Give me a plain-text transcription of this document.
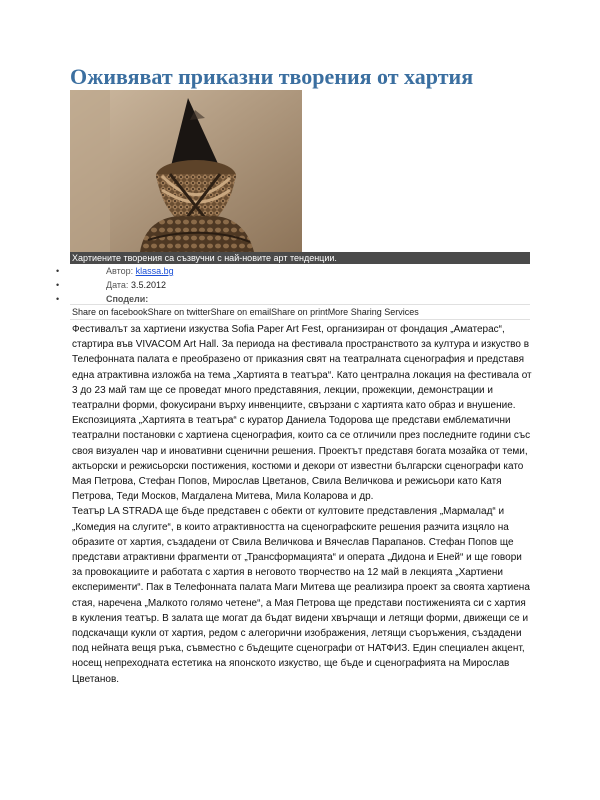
Оживяват приказни творения от хартия
Хартиените творения са съзвучни с най-новите арт тенденции.
•	Автор: klassa.bg
•	Дата: 3.5.2012
•	Сподели:
Share on facebookShare on twitterShare on emailShare on printMore Sharing Services

Фестивалът за хартиени изкуства Sofia Paper Art Fest, организиран от фондация „Аматерас“, стартира във VIVACOM Art Hall. За периода на фестивала пространството за култура и изкуство в Телефонната палата е преобразено от приказния свят на театралната сценография и представя една атрактивна изложба на тема „Хартията в театъра“. Като централна локация на фестивала от 3 до 23 май там ще се проведат много представяния, лекции, прожекции, демонстрации и театрални форми, фокусирани върху инвенциите, свързани с хартията като образ и внушение.

Експозицията „Хартията в театъра“ с куратор Даниела Тодорова ще представи емблематични театрални постановки с хартиена сценография, които са се отличили през последните години със своя визуален чар и иновативни сценични решения. Проектът представя богата мозайка от теми, актьорски и режисьорски постижения, костюми и декори от известни български сценографи като Мая Петрова, Стефан Попов, Мирослав Цветанов, Свила Величкова и режисьори като Катя Петрова, Теди Москов, Магдалена Митева, Мила Коларова и др.

Театър LA STRADA ще бъде представен с обекти от култовите представления „Мармалад“ и „Комедия на слугите“, в които атрактивността на сценографските решения разчита изцяло на образите от хартия, създадени от Свила Величкова и Вячеслав Парапанов. Стефан Попов ще представи атрактивни фрагменти от „Трансформацията“ и операта „Дидона и Еней“ и ще говори за провокациите и работата с хартия в неговото творчество на 12 май в лекцията „Хартиени експерименти“. Пак в Телефонната палата Маги Митева ще реализира проект за своята хартиена стая, наречена „Малкото голямо четене“, а Мая Петрова ще представи постиженията си с хартия в кукления театър. В залата ще могат да бъдат видени хвърчащи и летящи форми, движещи се и подскачащи кукли от хартия, редом с алегорични изображения, летящи съоръжения, създадени под нейната вещя ръка, съвместно с бъдещите сценографи от НАТФИЗ. Един специален акцент, носещ непреходната естетика на японското изкуство, ще бъде и сценографията на Мирослав Цветанов.
